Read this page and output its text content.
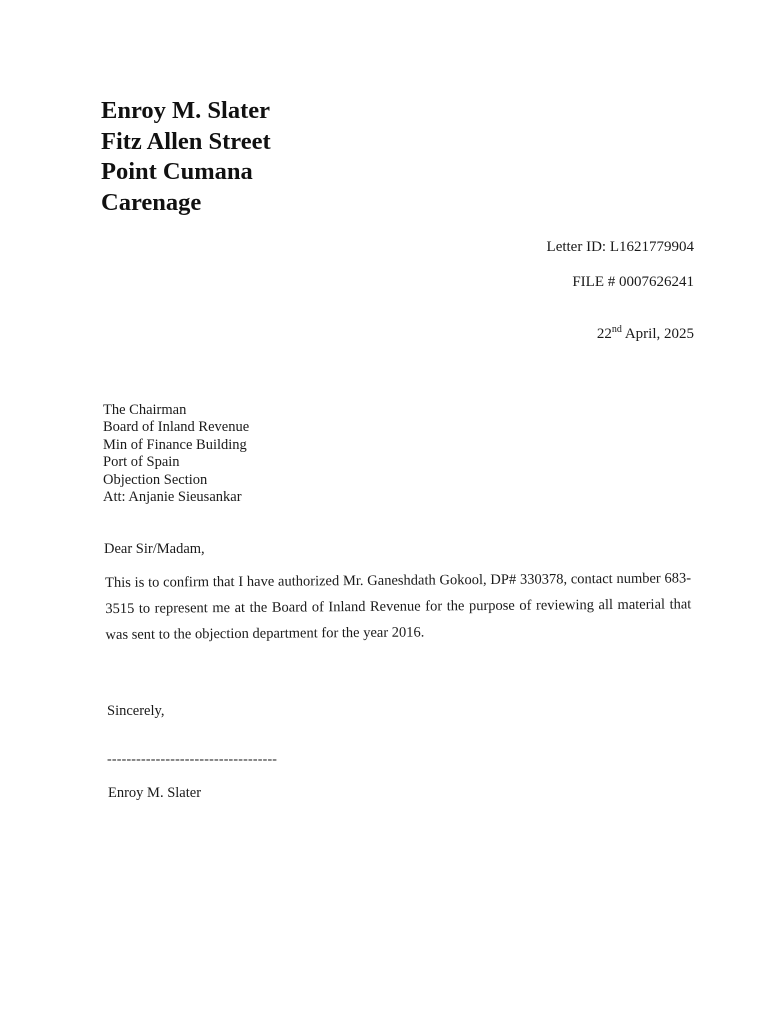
Enroy M. Slater
Fitz Allen Street
Point Cumana
Carenage
Letter ID: L1621779904
FILE # 0007626241
22nd April, 2025
The Chairman
Board of Inland Revenue
Min of Finance Building
Port of Spain
Objection Section
Att: Anjanie Sieusankar
Dear Sir/Madam,
This is to confirm that I have authorized Mr. Ganeshdath Gokool, DP# 330378, contact number 683-3515 to represent me at the Board of Inland Revenue for the purpose of reviewing all material that was sent to the objection department for the year 2016.
Sincerely,
-----------------------------------
Enroy M. Slater
